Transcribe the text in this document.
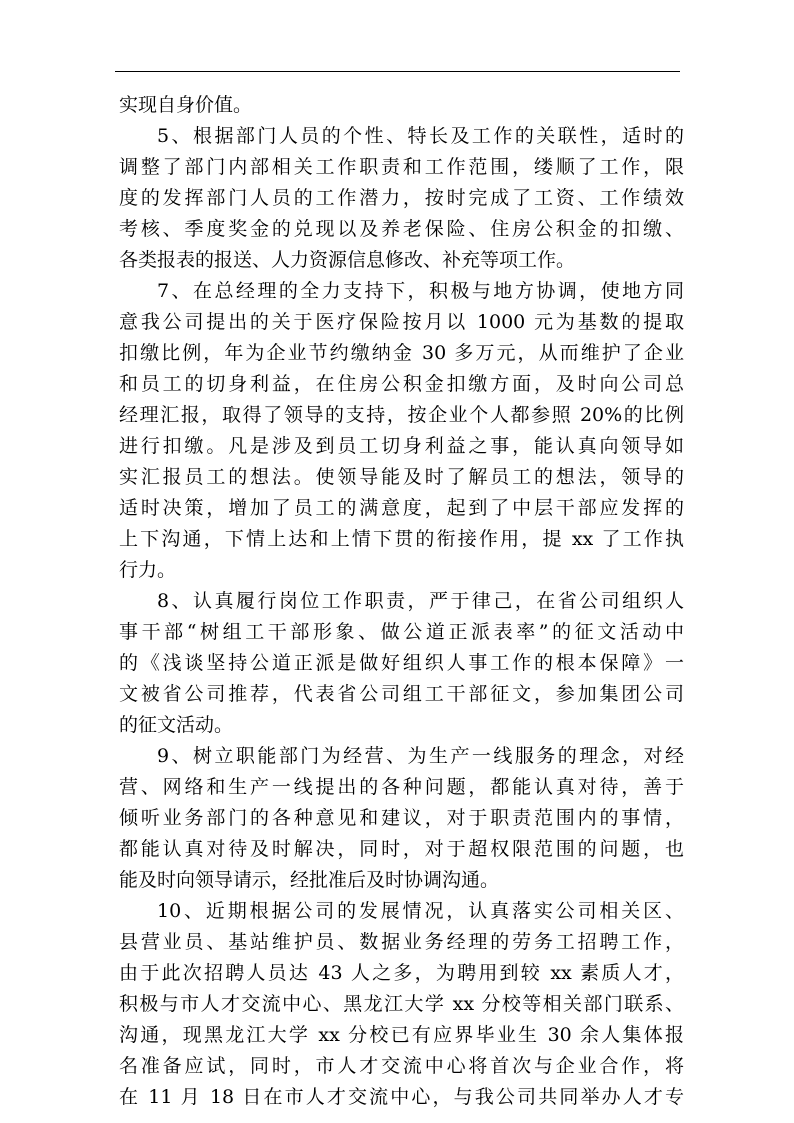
实现自身价值。
5、根据部门人员的个性、特长及工作的关联性，适时的
调整了部门内部相关工作职责和工作范围，缕顺了工作，限
度的发挥部门人员的工作潜力，按时完成了工资、工作绩效
考核、季度奖金的兑现以及养老保险、住房公积金的扣缴、
各类报表的报送、人力资源信息修改、补充等项工作。
7、在总经理的全力支持下，积极与地方协调，使地方同
意我公司提出的关于医疗保险按月以 1000 元为基数的提取
扣缴比例，年为企业节约缴纳金 30 多万元，从而维护了企业
和员工的切身利益，在住房公积金扣缴方面，及时向公司总
经理汇报，取得了领导的支持，按企业个人都参照 20%的比例
进行扣缴。凡是涉及到员工切身利益之事，能认真向领导如
实汇报员工的想法。使领导能及时了解员工的想法，领导的
适时决策，增加了员工的满意度，起到了中层干部应发挥的
上下沟通，下情上达和上情下贯的衔接作用，提 xx 了工作执
行力。
8、认真履行岗位工作职责，严于律己，在省公司组织人
事干部“树组工干部形象、做公道正派表率”的征文活动中
的《浅谈坚持公道正派是做好组织人事工作的根本保障》一
文被省公司推荐，代表省公司组工干部征文，参加集团公司
的征文活动。
9、树立职能部门为经营、为生产一线服务的理念，对经
营、网络和生产一线提出的各种问题，都能认真对待，善于
倾听业务部门的各种意见和建议，对于职责范围内的事情，
都能认真对待及时解决，同时，对于超权限范围的问题，也
能及时向领导请示，经批准后及时协调沟通。
10、近期根据公司的发展情况，认真落实公司相关区、
县营业员、基站维护员、数据业务经理的劳务工招聘工作，
由于此次招聘人员达 43 人之多，为聘用到较 xx 素质人才，
积极与市人才交流中心、黑龙江大学 xx 分校等相关部门联系、
沟通，现黑龙江大学 xx 分校已有应界毕业生 30 余人集体报
名准备应试，同时，市人才交流中心将首次与企业合作，将
在 11 月 18 日在市人才交流中心，与我公司共同举办人才专
